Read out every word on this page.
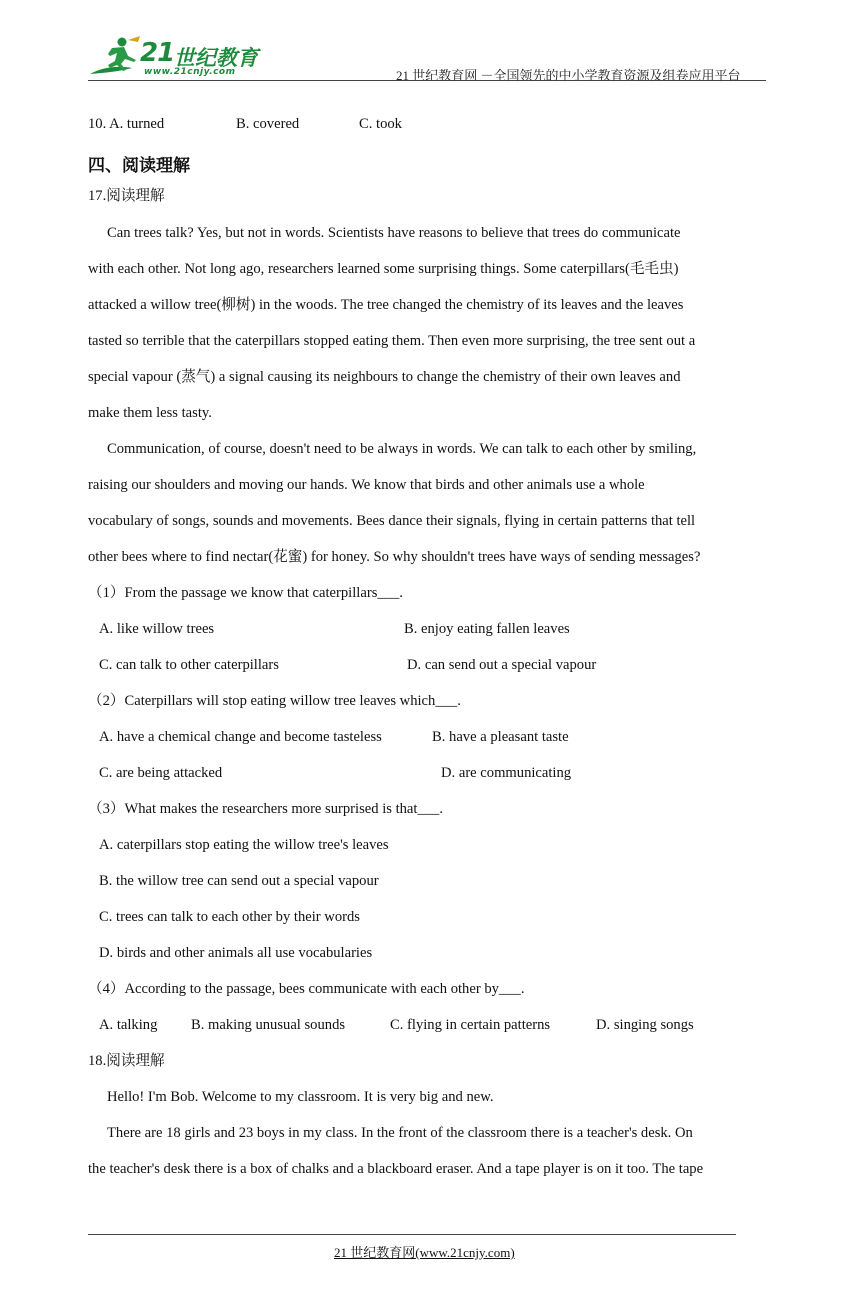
21 世纪教育
www.21cnjy.com	21 世纪教育网 －全国领先的中小学教育资源及组卷应用平台
10. A. turned	B. covered	C. took
四、阅读理解
17.阅读理解
Can trees talk? Yes, but not in words. Scientists have reasons to believe that trees do communicate
with each other. Not long ago, researchers learned some surprising things. Some caterpillars(毛毛虫)
attacked a willow tree(柳树) in the woods. The tree changed the chemistry of its leaves and the leaves
tasted so terrible that the caterpillars stopped eating them. Then even more surprising, the tree sent out a
special vapour (蒸气) a signal causing its neighbours to change the chemistry of their own leaves and
make them less tasty.
Communication, of course, doesn't need to be always in words. We can talk to each other by smiling,
raising our shoulders and moving our hands. We know that birds and other animals use a whole
vocabulary of songs, sounds and movements. Bees dance their signals, flying in certain patterns that tell
other bees where to find nectar(花蜜) for honey. So why shouldn't trees have ways of sending messages?
（1）From the passage we know that caterpillars___.
A. like willow trees	B. enjoy eating fallen leaves
C. can talk to other caterpillars	D. can send out a special vapour
（2）Caterpillars will stop eating willow tree leaves which___.
A. have a chemical change and become tasteless	B. have a pleasant taste
C. are being attacked	D. are communicating
（3）What makes the researchers more surprised is that___.
A. caterpillars stop eating the willow tree's leaves
B. the willow tree can send out a special vapour
C. trees can talk to each other by their words
D. birds and other animals all use vocabularies
（4）According to the passage, bees communicate with each other by___.
A. talking B. making unusual sounds	C. flying in certain patterns	D. singing songs
18.阅读理解
Hello! I'm Bob. Welcome to my classroom. It is very big and new.
There are 18 girls and 23 boys in my class. In the front of the classroom there is a teacher's desk. On
the teacher's desk there is a box of chalks and a blackboard eraser. And a tape player is on it too. The tape
21 世纪教育网(www.21cnjy.com)
